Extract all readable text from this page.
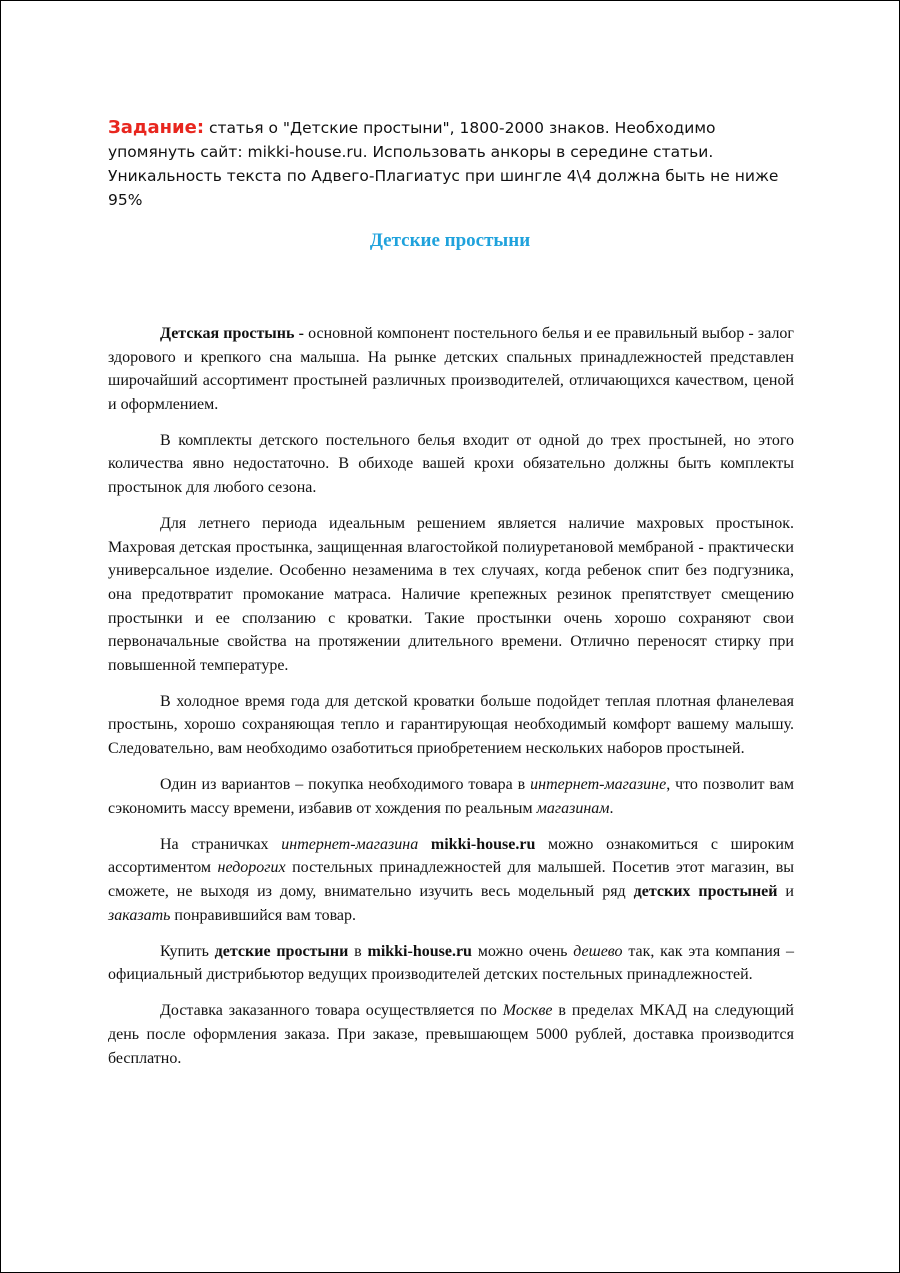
Задание: статья о "Детские простыни", 1800-2000 знаков. Необходимо упомянуть сайт: mikki-house.ru. Использовать анкоры в середине статьи. Уникальность текста по Адвего-Плагиатус при шингле 4\4 должна быть не ниже 95%
Детские простыни

Детская простынь - основной компонент постельного белья и ее правильный выбор - залог здорового и крепкого сна малыша. На рынке детских спальных принадлежностей представлен широчайший ассортимент простыней различных производителей, отличающихся качеством, ценой и оформлением.

В комплекты детского постельного белья входит от одной до трех простыней, но этого количества явно недостаточно. В обиходе вашей крохи обязательно должны быть комплекты простынок для любого сезона.

Для летнего периода идеальным решением является наличие махровых простынок. Махровая детская простынка, защищенная влагостойкой полиуретановой мембраной - практически универсальное изделие. Особенно незаменима в тех случаях, когда ребенок спит без подгузника, она предотвратит промокание матраса. Наличие крепежных резинок препятствует смещению простынки и ее сползанию с кроватки. Такие простынки очень хорошо сохраняют свои первоначальные свойства на протяжении длительного времени. Отлично переносят стирку при повышенной температуре.

В холодное время года для детской кроватки больше подойдет теплая плотная фланелевая простынь, хорошо сохраняющая тепло и гарантирующая необходимый комфорт вашему малышу. Следовательно, вам необходимо озаботиться приобретением нескольких наборов простыней.

Один из вариантов – покупка необходимого товара в интернет-магазине, что позволит вам сэкономить массу времени, избавив от хождения по реальным магазинам.

На страничках интернет-магазина mikki-house.ru можно ознакомиться с широким ассортиментом недорогих постельных принадлежностей для малышей. Посетив этот магазин, вы сможете, не выходя из дому, внимательно изучить весь модельный ряд детских простыней и заказать понравившийся вам товар.

Купить детские простыни в mikki-house.ru можно очень дешево так, как эта компания – официальный дистрибьютор ведущих производителей детских постельных принадлежностей.

Доставка заказанного товара осуществляется по Москве в пределах МКАД на следующий день после оформления заказа. При заказе, превышающем 5000 рублей, доставка производится бесплатно.
